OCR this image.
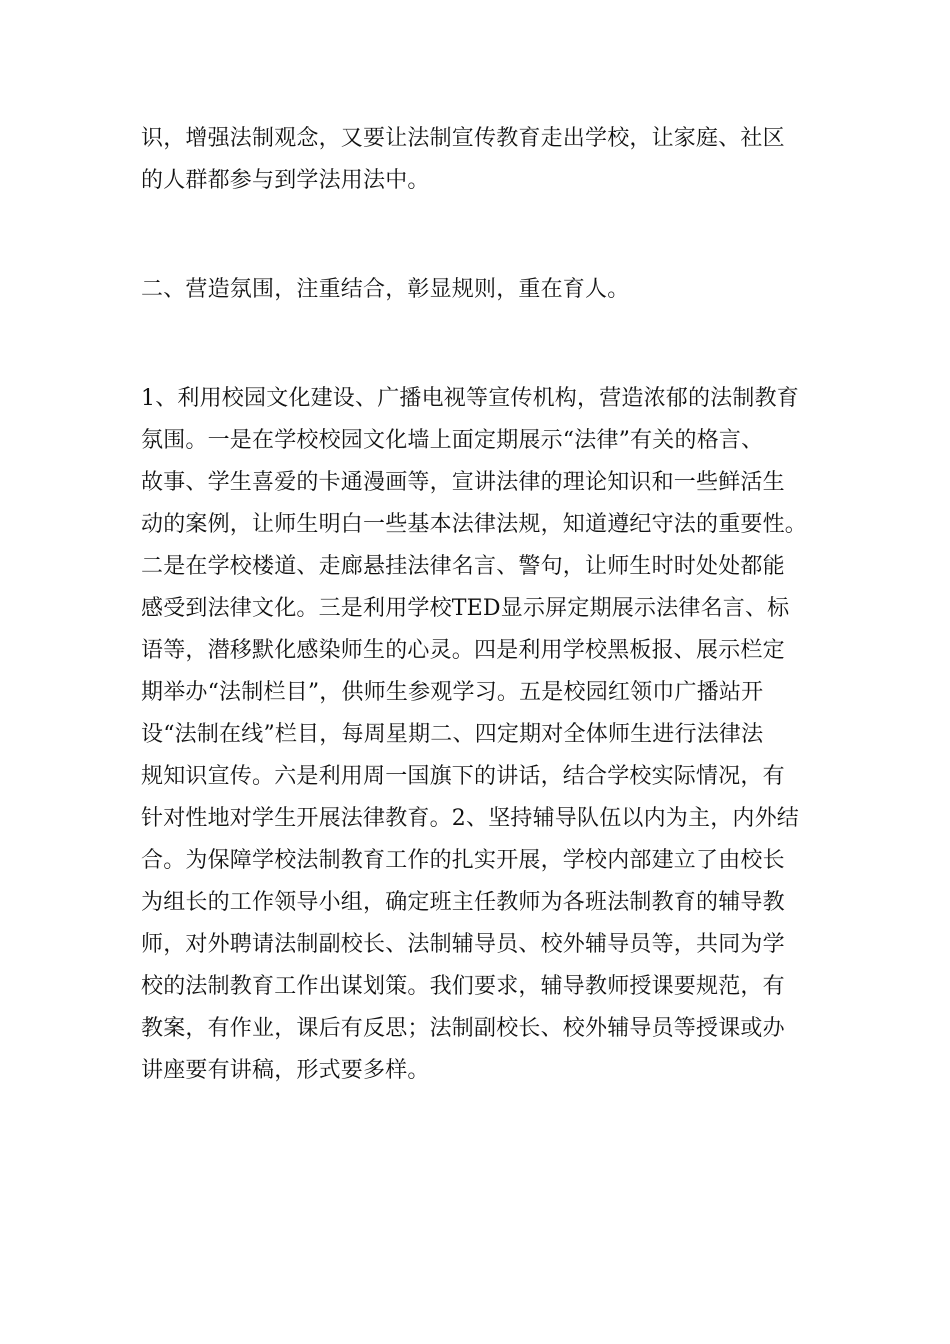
识，增强法制观念，又要让法制宣传教育走出学校，让家庭、社区
的人群都参与到学法用法中。
二、营造氛围，注重结合，彰显规则，重在育人。
1、利用校园文化建设、广播电视等宣传机构，营造浓郁的法制教育
氛围。一是在学校校园文化墙上面定期展示“法律”有关的格言、
故事、学生喜爱的卡通漫画等，宣讲法律的理论知识和一些鲜活生
动的案例，让师生明白一些基本法律法规，知道遵纪守法的重要性。
二是在学校楼道、走廊悬挂法律名言、警句，让师生时时处处都能
感受到法律文化。三是利用学校TED显示屏定期展示法律名言、标
语等，潜移默化感染师生的心灵。四是利用学校黑板报、展示栏定
期举办“法制栏目”，供师生参观学习。五是校园红领巾广播站开
设“法制在线”栏目，每周星期二、四定期对全体师生进行法律法
规知识宣传。六是利用周一国旗下的讲话，结合学校实际情况，有
针对性地对学生开展法律教育。2、坚持辅导队伍以内为主，内外结
合。为保障学校法制教育工作的扎实开展，学校内部建立了由校长
为组长的工作领导小组，确定班主任教师为各班法制教育的辅导教
师，对外聘请法制副校长、法制辅导员、校外辅导员等，共同为学
校的法制教育工作出谋划策。我们要求，辅导教师授课要规范，有
教案，有作业，课后有反思；法制副校长、校外辅导员等授课或办
讲座要有讲稿，形式要多样。
